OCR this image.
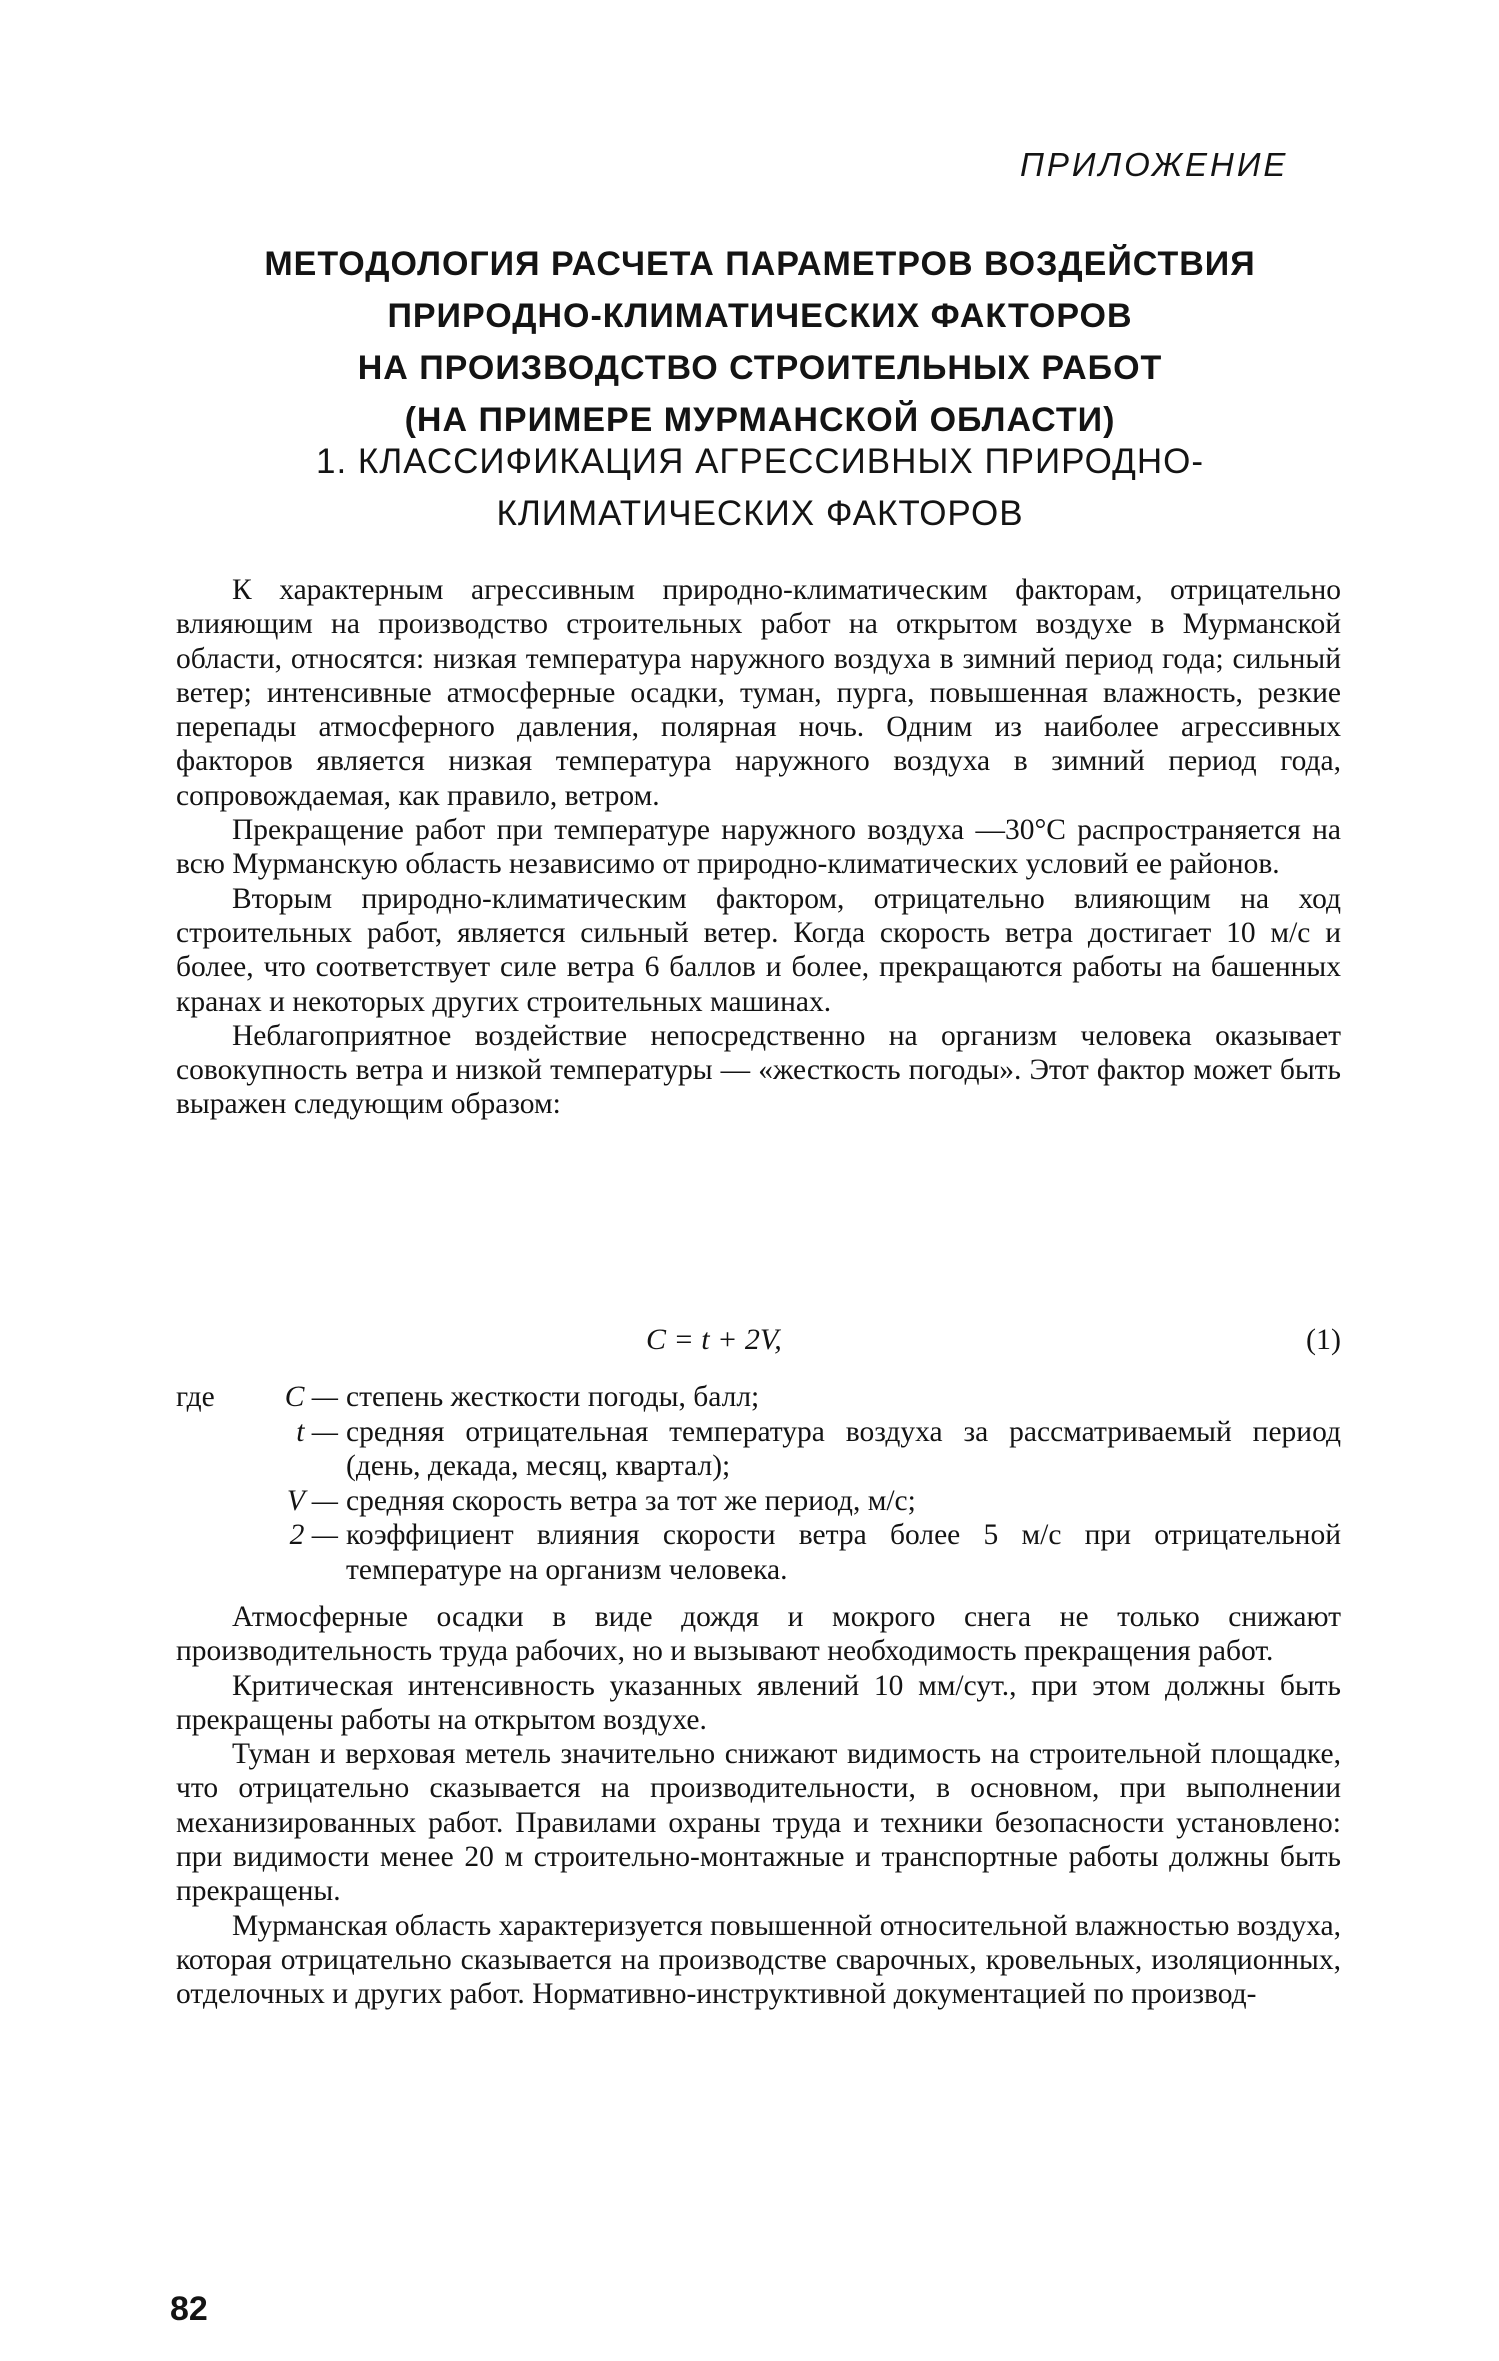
ПРИЛОЖЕНИЕ
МЕТОДОЛОГИЯ РАСЧЕТА ПАРАМЕТРОВ ВОЗДЕЙСТВИЯ
ПРИРОДНО-КЛИМАТИЧЕСКИХ ФАКТОРОВ
НА ПРОИЗВОДСТВО СТРОИТЕЛЬНЫХ РАБОТ
(НА ПРИМЕРЕ МУРМАНСКОЙ ОБЛАСТИ)
1. КЛАССИФИКАЦИЯ АГРЕССИВНЫХ ПРИРОДНО-
КЛИМАТИЧЕСКИХ ФАКТОРОВ

К характерным агрессивным природно-климатическим факторам, отрицательно влияющим на производство строительных работ на открытом воздухе в Мурманской области, относятся: низкая температура наружного воздуха в зимний период года; сильный ветер; интенсивные атмосферные осадки, туман, пурга, повышенная влажность, резкие перепады атмосферного давления, полярная ночь. Одним из наиболее агрессивных факторов является низкая температура наружного воздуха в зимний период года, сопровождаемая, как правило, ветром.

Прекращение работ при температуре наружного воздуха —30°С распространяется на всю Мурманскую область независимо от природно-климатических условий ее районов.

Вторым природно-климатическим фактором, отрицательно влияющим на ход строительных работ, является сильный ветер. Когда скорость ветра достигает 10 м/с и более, что соответствует силе ветра 6 баллов и более, прекращаются работы на башенных кранах и некоторых других строительных машинах.

Неблагоприятное воздействие непосредственно на организм человека оказывает совокупность ветра и низкой температуры — «жесткость погоды». Этот фактор может быть выражен следующим образом:

C = t + 2V,	(1)
где	C — степень жесткости погоды, балл;
t — средняя отрицательная температура воздуха за рассматриваемый период (день, декада, месяц, квартал);
V — средняя скорость ветра за тот же период, м/с;
2 — коэффициент влияния скорости ветра более 5 м/с при отрицательной температуре на организм человека.

Атмосферные осадки в виде дождя и мокрого снега не только снижают производительность труда рабочих, но и вызывают необходимость прекращения работ.

Критическая интенсивность указанных явлений 10 мм/сут., при этом должны быть прекращены работы на открытом воздухе.

Туман и верховая метель значительно снижают видимость на строительной площадке, что отрицательно сказывается на производительности, в основном, при выполнении механизированных работ. Правилами охраны труда и техники безопасности установлено: при видимости менее 20 м строительно-монтажные и транспортные работы должны быть прекращены.

Мурманская область характеризуется повышенной относительной влажностью воздуха, которая отрицательно сказывается на производстве сварочных, кровельных, изоляционных, отделочных и других работ. Нормативно-инструктивной документацией по производ-

82
